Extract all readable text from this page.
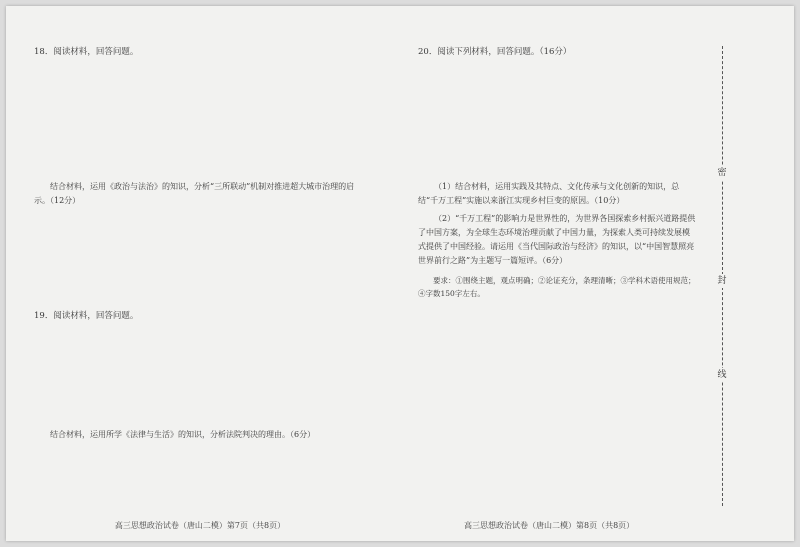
18．阅读材料，回答问题。

结合材料，运用《政治与法治》的知识，分析“三所联动”机制对推进超大城市治理的启示。（12分）

19．阅读材料，回答问题。

结合材料，运用所学《法律与生活》的知识，分析法院判决的理由。（6分）

高三思想政治试卷（唐山二模）第7页（共8页）

20．阅读下列材料，回答问题。（16分）

（1）结合材料，运用实践及其特点、文化传承与文化创新的知识，总结“千万工程”实施以来浙江实现乡村巨变的原因。（10分）

（2）“千万工程”的影响力是世界性的，为世界各国探索乡村振兴道路提供了中国方案，为全球生态环境治理贡献了中国力量，为探索人类可持续发展模式提供了中国经验。请运用《当代国际政治与经济》的知识，以“中国智慧照亮世界前行之路”为主题写一篇短评。（6分）

要求：①围绕主题，观点明确；②论证充分，条理清晰；③学科术语使用规范；④字数150字左右。

高三思想政治试卷（唐山二模）第8页（共8页）
密
封
线
